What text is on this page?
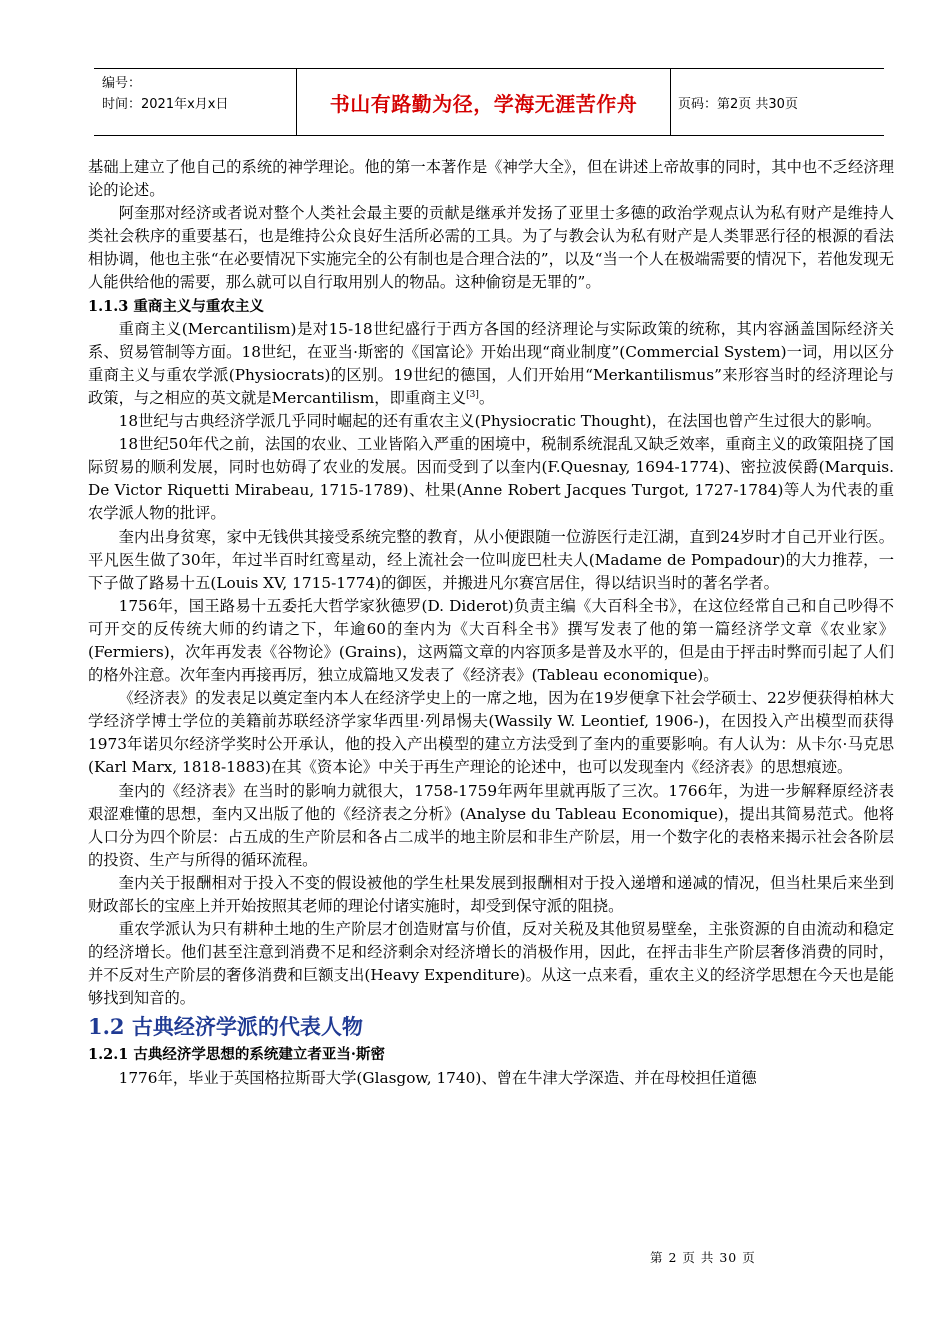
编号：
时间：2021年x月x日	书山有路勤为径，学海无涯苦作舟	页码：第2页 共30页

基础上建立了他自己的系统的神学理论。他的第一本著作是《神学大全》，但在讲述上帝故事的同时，其中也不乏经济理论的论述。

阿奎那对经济或者说对整个人类社会最主要的贡献是继承并发扬了亚里士多德的政治学观点认为私有财产是维持人类社会秩序的重要基石，也是维持公众良好生活所必需的工具。为了与教会认为私有财产是人类罪恶行径的根源的看法相协调，他也主张“在必要情况下实施完全的公有制也是合理合法的”，以及“当一个人在极端需要的情况下，若他发现无人能供给他的需要，那么就可以自行取用别人的物品。这种偷窃是无罪的”。

1.1.3 重商主义与重农主义

重商主义(Mercantilism)是对15-18世纪盛行于西方各国的经济理论与实际政策的统称，其内容涵盖国际经济关系、贸易管制等方面。18世纪，在亚当·斯密的《国富论》开始出现“商业制度”(Commercial System)一词，用以区分重商主义与重农学派(Physiocrats)的区别。19世纪的德国，人们开始用“Merkantilismus”来形容当时的经济理论与政策，与之相应的英文就是Mercantilism，即重商主义[3]。

18世纪与古典经济学派几乎同时崛起的还有重农主义(Physiocratic Thought)，在法国也曾产生过很大的影响。

18世纪50年代之前，法国的农业、工业皆陷入严重的困境中，税制系统混乱又缺乏效率，重商主义的政策阻挠了国际贸易的顺利发展，同时也妨碍了农业的发展。因而受到了以奎内(F.Quesnay, 1694-1774)、密拉波侯爵(Marquis. De Victor Riquetti Mirabeau, 1715-1789)、杜果(Anne Robert Jacques Turgot, 1727-1784)等人为代表的重农学派人物的批评。

奎内出身贫寒，家中无钱供其接受系统完整的教育，从小便跟随一位游医行走江湖，直到24岁时才自己开业行医。平凡医生做了30年，年过半百时红鸾星动，经上流社会一位叫庞巴杜夫人(Madame de Pompadour)的大力推荐，一下子做了路易十五(Louis XV, 1715-1774)的御医，并搬进凡尔赛宫居住，得以结识当时的著名学者。

1756年，国王路易十五委托大哲学家狄德罗(D. Diderot)负责主编《大百科全书》，在这位经常自己和自己吵得不可开交的反传统大师的约请之下，年逾60的奎内为《大百科全书》撰写发表了他的第一篇经济学文章《农业家》(Fermiers)，次年再发表《谷物论》(Grains)，这两篇文章的内容顶多是普及水平的，但是由于抨击时弊而引起了人们的格外注意。次年奎内再接再厉，独立成篇地又发表了《经济表》(Tableau economique)。

《经济表》的发表足以奠定奎内本人在经济学史上的一席之地，因为在19岁便拿下社会学硕士、22岁便获得柏林大学经济学博士学位的美籍前苏联经济学家华西里·列昂惕夫(Wassily W. Leontief, 1906-)，在因投入产出模型而获得1973年诺贝尔经济学奖时公开承认，他的投入产出模型的建立方法受到了奎内的重要影响。有人认为：从卡尔·马克思(Karl Marx, 1818-1883)在其《资本论》中关于再生产理论的论述中，也可以发现奎内《经济表》的思想痕迹。

奎内的《经济表》在当时的影响力就很大，1758-1759年两年里就再版了三次。1766年，为进一步解释原经济表艰涩难懂的思想，奎内又出版了他的《经济表之分析》(Analyse du Tableau Economique)，提出其简易范式。他将人口分为四个阶层：占五成的生产阶层和各占二成半的地主阶层和非生产阶层，用一个数字化的表格来揭示社会各阶层的投资、生产与所得的循环流程。

奎内关于报酬相对于投入不变的假设被他的学生杜果发展到报酬相对于投入递增和递减的情况，但当杜果后来坐到财政部长的宝座上并开始按照其老师的理论付诸实施时，却受到保守派的阻挠。

重农学派认为只有耕种土地的生产阶层才创造财富与价值，反对关税及其他贸易壁垒，主张资源的自由流动和稳定的经济增长。他们甚至注意到消费不足和经济剩余对经济增长的消极作用，因此，在抨击非生产阶层奢侈消费的同时，并不反对生产阶层的奢侈消费和巨额支出(Heavy Expenditure)。从这一点来看，重农主义的经济学思想在今天也是能够找到知音的。

1.2 古典经济学派的代表人物
1.2.1 古典经济学思想的系统建立者亚当·斯密

1776年，毕业于英国格拉斯哥大学(Glasgow, 1740)、曾在牛津大学深造、并在母校担任道德

第 2 页 共 30 页
